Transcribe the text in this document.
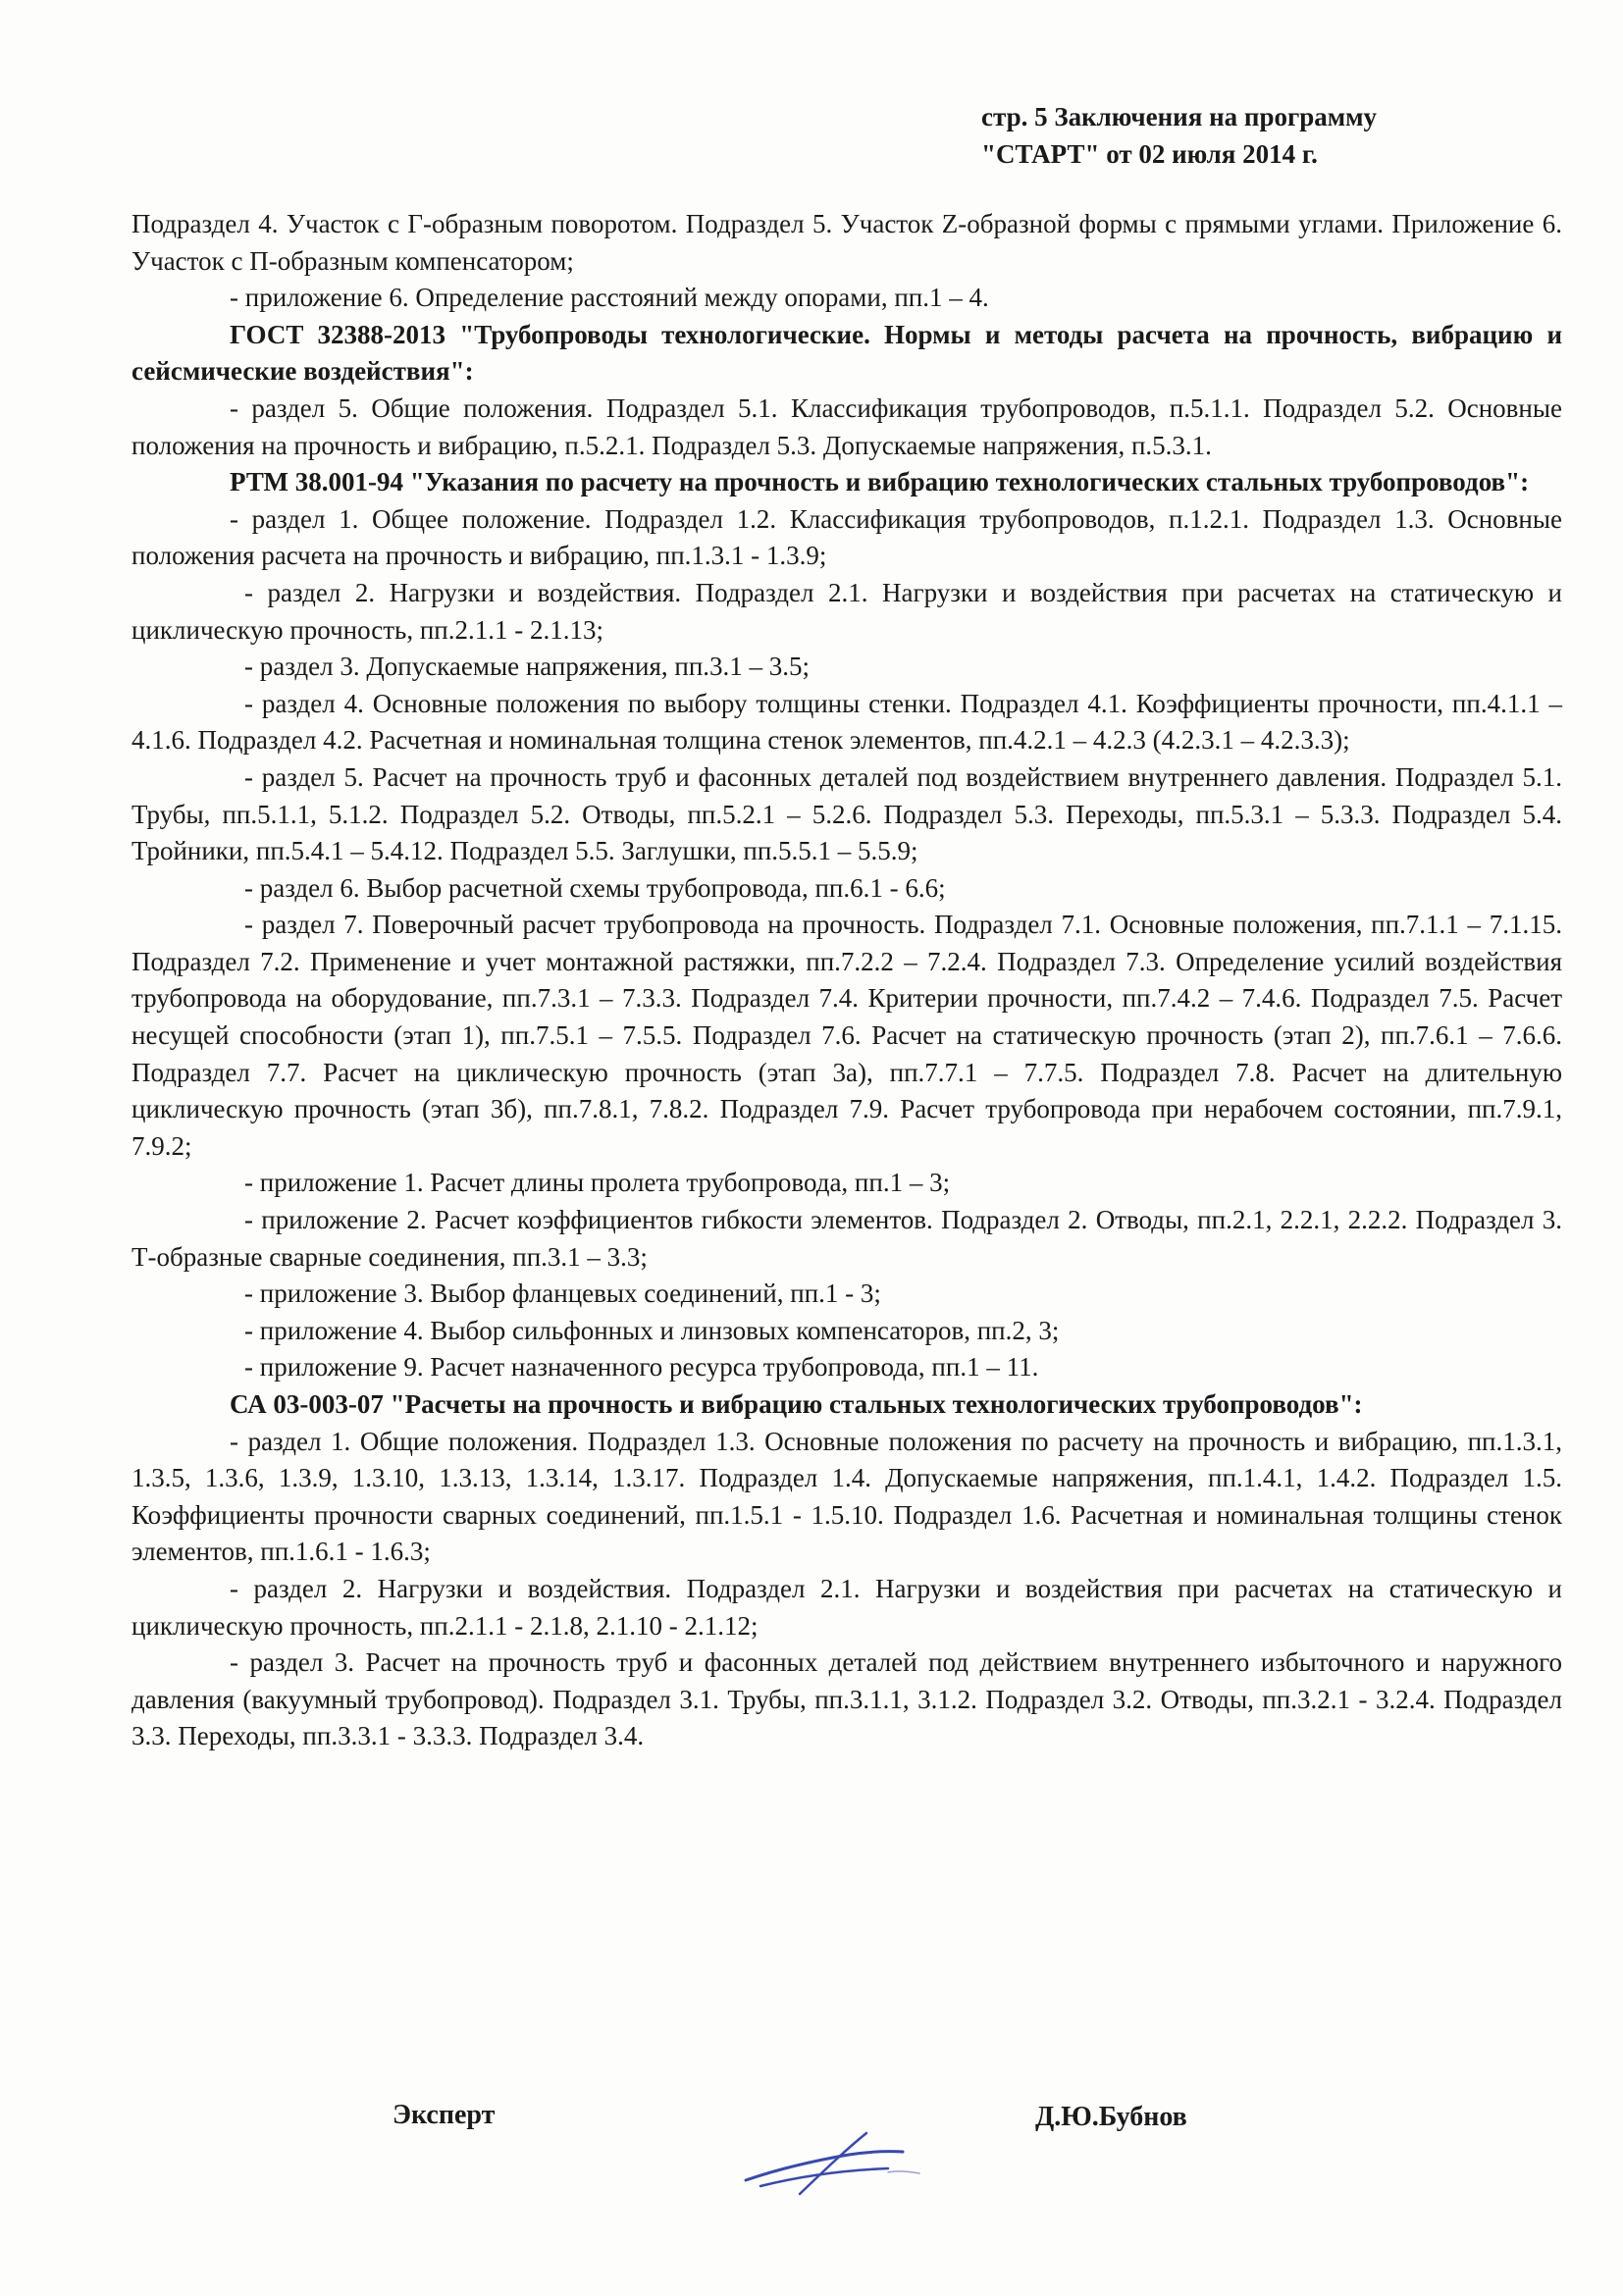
стр. 5 Заключения на программу
"СТАРТ" от 02 июля 2014 г.

Подраздел 4. Участок с Г-образным поворотом. Подраздел 5. Участок Z-образной формы с прямыми углами. Приложение 6. Участок с П-образным компенсатором;

- приложение 6. Определение расстояний между опорами, пп.1 – 4.

ГОСТ 32388-2013 "Трубопроводы технологические. Нормы и методы расчета на прочность, вибрацию и сейсмические воздействия":

- раздел 5. Общие положения. Подраздел 5.1. Классификация трубопроводов, п.5.1.1. Подраздел 5.2. Основные положения на прочность и вибрацию, п.5.2.1. Подраздел 5.3. Допускаемые напряжения, п.5.3.1.

РТМ 38.001-94 "Указания по расчету на прочность и вибрацию технологических стальных трубопроводов":

- раздел 1. Общее положение. Подраздел 1.2. Классификация трубопроводов, п.1.2.1. Подраздел 1.3. Основные положения расчета на прочность и вибрацию, пп.1.3.1 - 1.3.9;

- раздел 2. Нагрузки и воздействия. Подраздел 2.1. Нагрузки и воздействия при расчетах на статическую и циклическую прочность, пп.2.1.1 - 2.1.13;

- раздел 3. Допускаемые напряжения, пп.3.1 – 3.5;

- раздел 4. Основные положения по выбору толщины стенки. Подраздел 4.1. Коэффициенты прочности, пп.4.1.1 – 4.1.6. Подраздел 4.2. Расчетная и номинальная толщина стенок элементов, пп.4.2.1 – 4.2.3 (4.2.3.1 – 4.2.3.3);

- раздел 5. Расчет на прочность труб и фасонных деталей под воздействием внутреннего давления. Подраздел 5.1. Трубы, пп.5.1.1, 5.1.2. Подраздел 5.2. Отводы, пп.5.2.1 – 5.2.6. Подраздел 5.3. Переходы, пп.5.3.1 – 5.3.3. Подраздел 5.4. Тройники, пп.5.4.1 – 5.4.12. Подраздел 5.5. Заглушки, пп.5.5.1 – 5.5.9;

- раздел 6. Выбор расчетной схемы трубопровода, пп.6.1 - 6.6;

- раздел 7. Поверочный расчет трубопровода на прочность. Подраздел 7.1. Основные положения, пп.7.1.1 – 7.1.15. Подраздел 7.2. Применение и учет монтажной растяжки, пп.7.2.2 – 7.2.4. Подраздел 7.3. Определение усилий воздействия трубопровода на оборудование, пп.7.3.1 – 7.3.3. Подраздел 7.4. Критерии прочности, пп.7.4.2 – 7.4.6. Подраздел 7.5. Расчет несущей способности (этап 1), пп.7.5.1 – 7.5.5. Подраздел 7.6. Расчет на статическую прочность (этап 2), пп.7.6.1 – 7.6.6. Подраздел 7.7. Расчет на циклическую прочность (этап 3а), пп.7.7.1 – 7.7.5. Подраздел 7.8. Расчет на длительную циклическую прочность (этап 3б), пп.7.8.1, 7.8.2. Подраздел 7.9. Расчет трубопровода при нерабочем состоянии, пп.7.9.1, 7.9.2;

- приложение 1. Расчет длины пролета трубопровода, пп.1 – 3;

- приложение 2. Расчет коэффициентов гибкости элементов. Подраздел 2. Отводы, пп.2.1, 2.2.1, 2.2.2. Подраздел 3. Т-образные сварные соединения, пп.3.1 – 3.3;

- приложение 3. Выбор фланцевых соединений, пп.1 - 3;

- приложение 4. Выбор сильфонных и линзовых компенсаторов, пп.2, 3;

- приложение 9. Расчет назначенного ресурса трубопровода, пп.1 – 11.

СА 03-003-07 "Расчеты на прочность и вибрацию стальных технологических трубопроводов":

- раздел 1. Общие положения. Подраздел 1.3. Основные положения по расчету на прочность и вибрацию, пп.1.3.1, 1.3.5, 1.3.6, 1.3.9, 1.3.10, 1.3.13, 1.3.14, 1.3.17. Подраздел 1.4. Допускаемые напряжения, пп.1.4.1, 1.4.2. Подраздел 1.5. Коэффициенты прочности сварных соединений, пп.1.5.1 - 1.5.10. Подраздел 1.6. Расчетная и номинальная толщины стенок элементов, пп.1.6.1 - 1.6.3;

- раздел 2. Нагрузки и воздействия. Подраздел 2.1. Нагрузки и воздействия при расчетах на статическую и циклическую прочность, пп.2.1.1 - 2.1.8, 2.1.10 - 2.1.12;

- раздел 3. Расчет на прочность труб и фасонных деталей под действием внутреннего избыточного и наружного давления (вакуумный трубопровод). Подраздел 3.1. Трубы, пп.3.1.1, 3.1.2. Подраздел 3.2. Отводы, пп.3.2.1 - 3.2.4. Подраздел 3.3. Переходы, пп.3.3.1 - 3.3.3. Подраздел 3.4.

Эксперт	Д.Ю.Бубнов
